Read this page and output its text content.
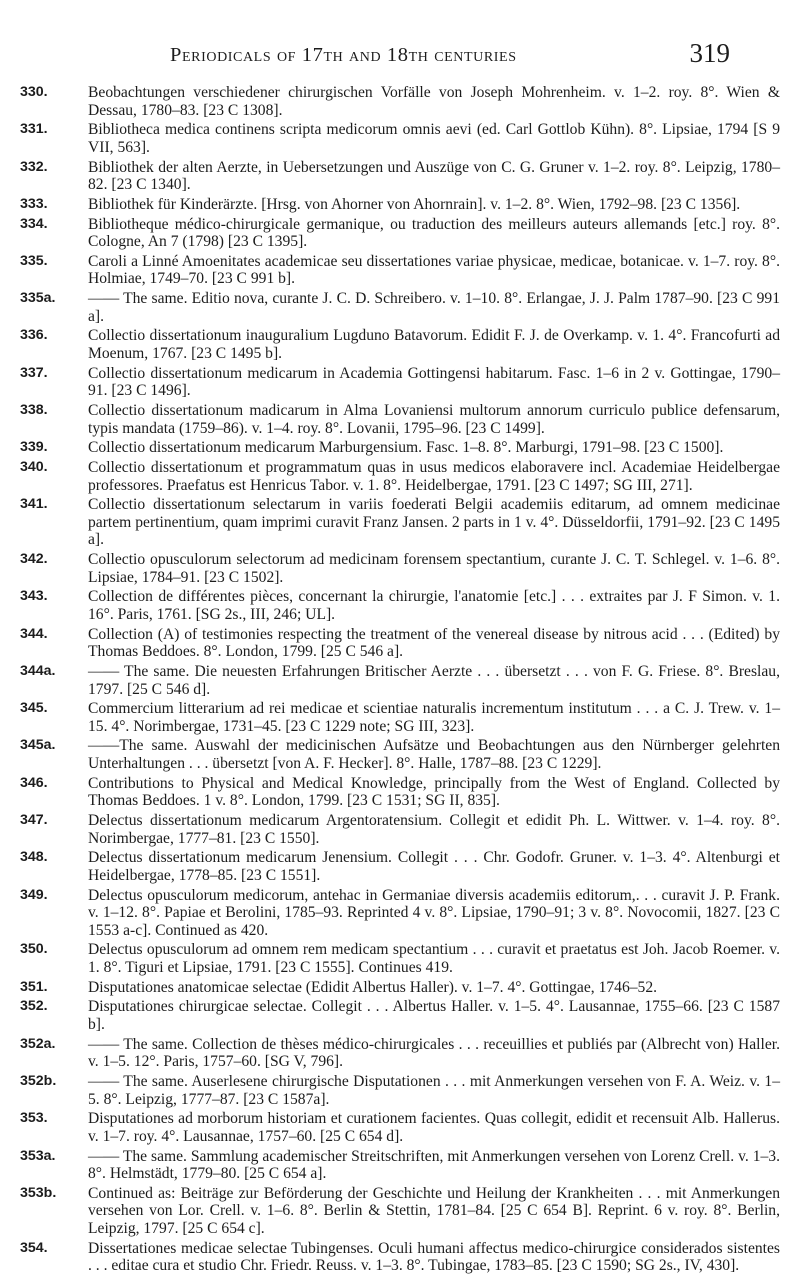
Periodicals of 17th and 18th centuries	319
330.	Beobachtungen verschiedener chirurgischen Vorfälle von Joseph Mohrenheim. v. 1–2. roy. 8°. Wien & Dessau, 1780–83. [23 C 1308].
331.	Bibliotheca medica continens scripta medicorum omnis aevi (ed. Carl Gottlob Kühn). 8°. Lipsiae, 1794 [S 9 VII, 563].
332.	Bibliothek der alten Aerzte, in Uebersetzungen und Auszüge von C. G. Gruner v. 1–2. roy. 8°. Leipzig, 1780–82. [23 C 1340].
333.	Bibliothek für Kinderärzte. [Hrsg. von Ahorner von Ahornrain]. v. 1–2. 8°. Wien, 1792–98. [23 C 1356].
334.	Bibliotheque médico-chirurgicale germanique, ou traduction des meilleurs auteurs allemands [etc.] roy. 8°. Cologne, An 7 (1798) [23 C 1395].
335.	Caroli a Linné Amoenitates academicae seu dissertationes variae physicae, medicae, botanicae. v. 1–7. roy. 8°. Holmiae, 1749–70. [23 C 991 b].
335a. —— The same. Editio nova, curante J. C. D. Schreibero. v. 1–10. 8°. Erlangae, J. J. Palm 1787–90. [23 C 991 a].
336.	Collectio dissertationum inauguralium Lugduno Batavorum. Edidit F. J. de Overkamp. v. 1. 4°. Francofurti ad Moenum, 1767. [23 C 1495 b].
337.	Collectio dissertationum medicarum in Academia Gottingensi habitarum. Fasc. 1–6 in 2 v. Gottingae, 1790–91. [23 C 1496].
338.	Collectio dissertationum madicarum in Alma Lovaniensi multorum annorum curriculo publice defensarum, typis mandata (1759–86). v. 1–4. roy. 8°. Lovanii, 1795–96. [23 C 1499].
339.	Collectio dissertationum medicarum Marburgensium. Fasc. 1–8. 8°. Marburgi, 1791–98. [23 C 1500].
340.	Collectio dissertationum et programmatum quas in usus medicos elaboravere incl. Academiae Heidelbergae professores. Praefatus est Henricus Tabor. v. 1. 8°. Heidelbergae, 1791. [23 C 1497; SG III, 271].
341.	Collectio dissertationum selectarum in variis foederati Belgii academiis editarum, ad omnem medicinae partem pertinentium, quam imprimi curavit Franz Jansen. 2 parts in 1 v. 4°. Düsseldorfii, 1791–92. [23 C 1495 a].
342.	Collectio opusculorum selectorum ad medicinam forensem spectantium, curante J. C. T. Schlegel. v. 1–6. 8°. Lipsiae, 1784–91. [23 C 1502].
343.	Collection de différentes pièces, concernant la chirurgie, l'anatomie [etc.] . . . extraites par J. F Simon. v. 1. 16°. Paris, 1761. [SG 2s., III, 246; UL].
344.	Collection (A) of testimonies respecting the treatment of the venereal disease by nitrous acid . . . (Edited) by Thomas Beddoes. 8°. London, 1799. [25 C 546 a].
344a. —— The same. Die neuesten Erfahrungen Britischer Aerzte . . . übersetzt . . . von F. G. Friese. 8°. Breslau, 1797. [25 C 546 d].
345.	Commercium litterarium ad rei medicae et scientiae naturalis incrementum institutum . . . a C. J. Trew. v. 1–15. 4°. Norimbergae, 1731–45. [23 C 1229 note; SG III, 323].
345a. ——The same. Auswahl der medicinischen Aufsätze und Beobachtungen aus den Nürnberger gelehrten Unterhaltungen . . . übersetzt [von A. F. Hecker]. 8°. Halle, 1787–88. [23 C 1229].
346.	Contributions to Physical and Medical Knowledge, principally from the West of England. Collected by Thomas Beddoes. 1 v. 8°. London, 1799. [23 C 1531; SG II, 835].
347.	Delectus dissertationum medicarum Argentoratensium. Collegit et edidit Ph. L. Wittwer. v. 1–4. roy. 8°. Norimbergae, 1777–81. [23 C 1550].
348.	Delectus dissertationum medicarum Jenensium. Collegit . . . Chr. Godofr. Gruner. v. 1–3. 4°. Altenburgi et Heidelbergae, 1778–85. [23 C 1551].
349.	Delectus opusculorum medicorum, antehac in Germaniae diversis academiis editorum,. . . curavit J. P. Frank. v. 1–12. 8°. Papiae et Berolini, 1785–93. Reprinted 4 v. 8°. Lipsiae, 1790–91; 3 v. 8°. Novocomii, 1827. [23 C 1553 a-c]. Continued as 420.
350.	Delectus opusculorum ad omnem rem medicam spectantium . . . curavit et praetatus est Joh. Jacob Roemer. v. 1. 8°. Tiguri et Lipsiae, 1791. [23 C 1555]. Continues 419.
351.	Disputationes anatomicae selectae (Edidit Albertus Haller). v. 1–7. 4°. Gottingae, 1746–52.
352.	Disputationes chirurgicae selectae. Collegit . . . Albertus Haller. v. 1–5. 4°. Lausannae, 1755–66. [23 C 1587 b].
352a. —— The same. Collection de thèses médico-chirurgicales . . . receuillies et publiés par (Albrecht von) Haller. v. 1–5. 12°. Paris, 1757–60. [SG V, 796].
352b. —— The same. Auserlesene chirurgische Disputationen . . . mit Anmerkungen versehen von F. A. Weiz. v. 1–5. 8°. Leipzig, 1777–87. [23 C 1587a].
353.	Disputationes ad morborum historiam et curationem facientes. Quas collegit, edidit et recensuit Alb. Hallerus. v. 1–7. roy. 4°. Lausannae, 1757–60. [25 C 654 d].
353a. —— The same. Sammlung academischer Streitschriften, mit Anmerkungen versehen von Lorenz Crell. v. 1–3. 8°. Helmstädt, 1779–80. [25 C 654 a].
353b. Continued as: Beiträge zur Beförderung der Geschichte und Heilung der Krankheiten . . . mit Anmerkungen versehen von Lor. Crell. v. 1–6. 8°. Berlin & Stettin, 1781–84. [25 C 654 B]. Reprint. 6 v. roy. 8°. Berlin, Leipzig, 1797. [25 C 654 c].
354.	Dissertationes medicae selectae Tubingenses. Oculi humani affectus medico-chirurgice considerados sistentes . . . editae cura et studio Chr. Friedr. Reuss. v. 1–3. 8°. Tubingae, 1783–85. [23 C 1590; SG 2s., IV, 430].
